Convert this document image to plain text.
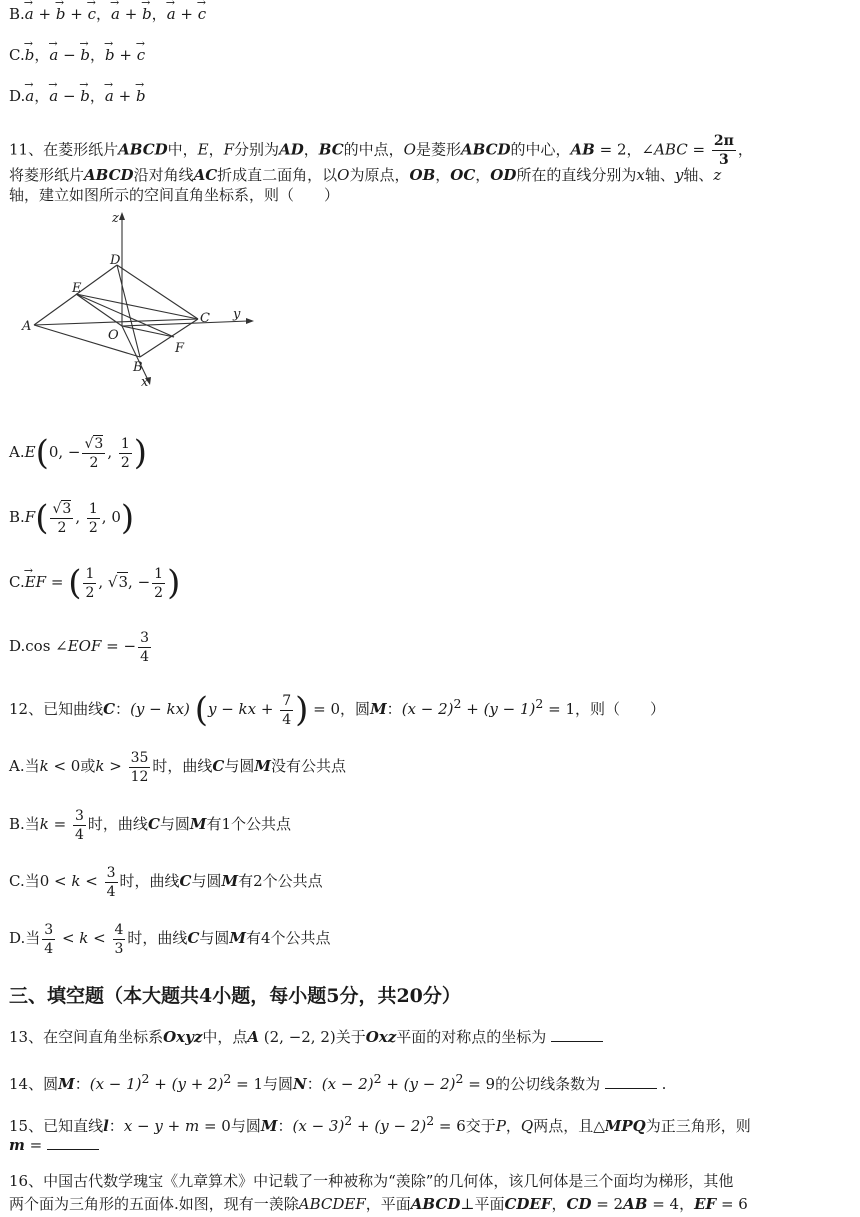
B.→ a + → b + → c，→ a + → b，→ a + → c
C.→ b，→ a − → b，→ b + → c
D.→ a，→ a − → b，→ a + → b
11、在菱形纸片ABCD中，E，F分别为AD，BC的中点，O是菱形ABCD的中心，AB = 2，∠ABC = $\frac{2\pi}{3}$ ，
将菱形纸片ABCD沿对角线AC折成直二面角，以O为原点，OB，OC，OD所在的直线分别为x轴、y轴、z
轴，建立如图所示的空间直角坐标系，则（　　）
z
D
E
A
O
C y
F
B
x
A.E(0, − $\frac{√3}{2}$ , $\frac{1}{2}$ )
$B.F( \frac{√3}{2}$ , $\frac{1}{2}$ , 0)
C.→ EF = ( $\frac{1}{2}$ , √3, − $\frac{1}{2}$ )
D.cos ∠EOF = − $\frac{3}{4}$
12、已知曲线C：(y − kx) (y − kx + $\frac{7}{4}$ ) = 0，圆M：$(x - 2)^2 + (y - 1)^2 = 1$，则（　　）
A.当k < 0或$k > \frac{35}{12}$ 时，曲线C与圆M没有公共点
B.当$k = \frac{3}{4}$ 时，曲线C与圆M有1个公共点
C.当$0 < k < \frac{3}{4}$ 时，曲线C与圆M有2个公共点
D.当 $\frac{3}{4} < k < \frac{4}{3}$ 时，曲线C与圆M有4个公共点
三、填空题（本大题共4小题，每小题5分，共20分）
13、在空间直角坐标系Oxyz中，点A (2, −2, 2)关于Oxz平面的对称点的坐标为
14、圆M：$(x - 1)^2 + (y + 2)^2 = 1$与圆N：$(x - 2)^2 + (y - 2)^2 = 9$的公切线条数为	.
15、已知直线l：x − y + m = 0与圆M：$(x - 3)^2 + (y - 2)^2 = 6$交于P，Q两点，且△MPQ为正三角形，则
m =
16、中国古代数学瑰宝《九章算术》中记载了一种被称为“羡除”的几何体，该几何体是三个面均为梯形，其他
两个面为三角形的五面体.如图，现有一羡除ABCDEF，平面ABCD⊥平面CDEF，CD = 2AB = 4，EF = 6
